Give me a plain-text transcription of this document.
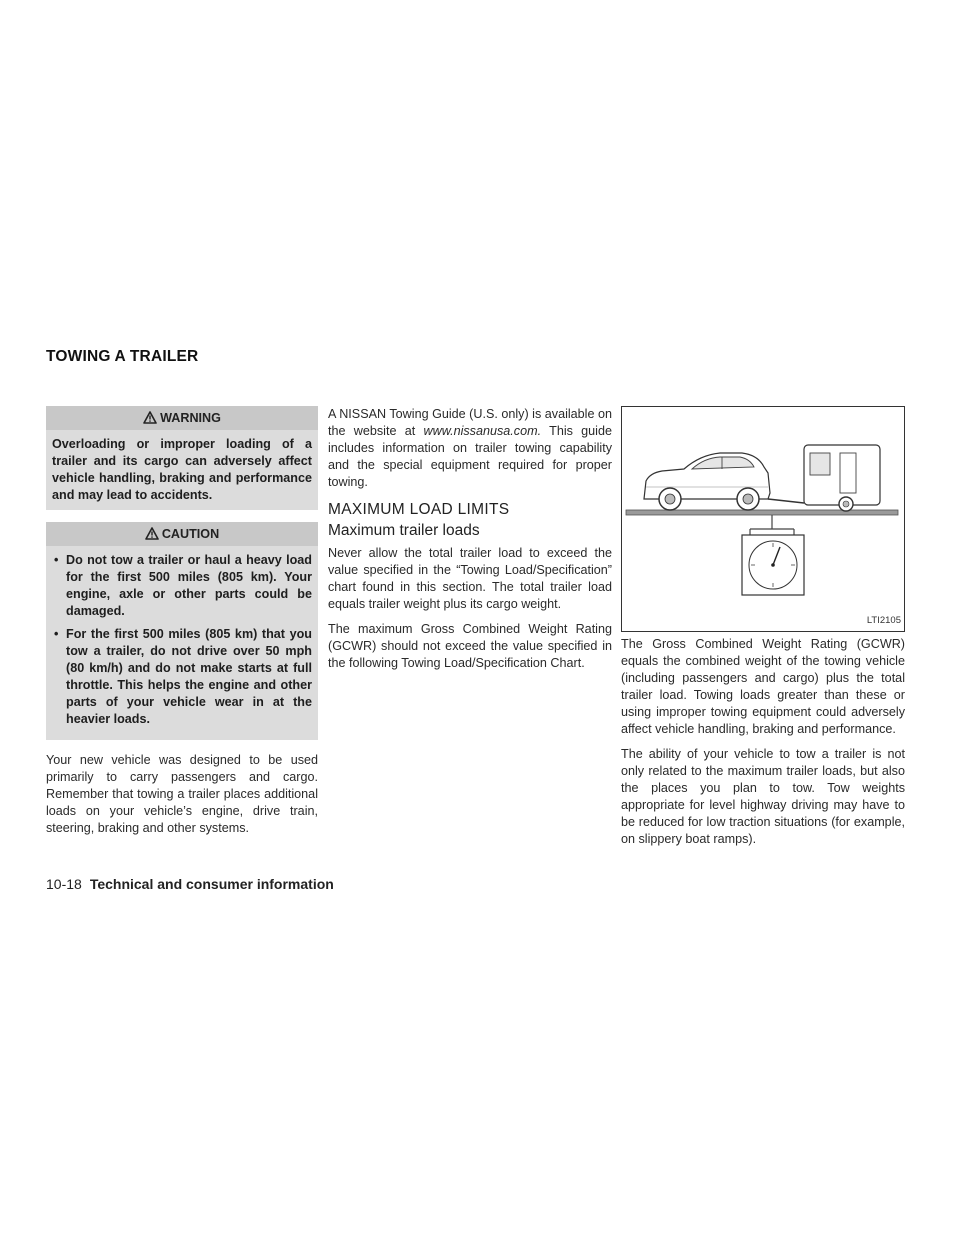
TOWING A TRAILER
WARNING
Overloading or improper loading of a trailer and its cargo can adversely affect vehicle handling, braking and performance and may lead to accidents.
CAUTION
• Do not tow a trailer or haul a heavy load for the first 500 miles (805 km). Your engine, axle or other parts could be damaged.
• For the first 500 miles (805 km) that you tow a trailer, do not drive over 50 mph (80 km/h) and do not make starts at full throttle. This helps the engine and other parts of your vehicle wear in at the heavier loads.

Your new vehicle was designed to be used primarily to carry passengers and cargo. Remember that towing a trailer places additional loads on your vehicle’s engine, drive train, steering, braking and other systems.

A NISSAN Towing Guide (U.S. only) is available on the website at www.nissanusa.com. This guide includes information on trailer towing capability and the special equipment required for proper towing.

MAXIMUM LOAD LIMITS
Maximum trailer loads

Never allow the total trailer load to exceed the value specified in the “Towing Load/Specification” chart found in this section. The total trailer load equals trailer weight plus its cargo weight.

The maximum Gross Combined Weight Rating (GCWR) should not exceed the value specified in the following Towing Load/Specification Chart.

LTI2105

The Gross Combined Weight Rating (GCWR) equals the combined weight of the towing vehicle (including passengers and cargo) plus the total trailer load. Towing loads greater than these or using improper towing equipment could adversely affect vehicle handling, braking and performance.

The ability of your vehicle to tow a trailer is not only related to the maximum trailer loads, but also the places you plan to tow. Tow weights appropriate for level highway driving may have to be reduced for low traction situations (for example, on slippery boat ramps).

10-18 Technical and consumer information
